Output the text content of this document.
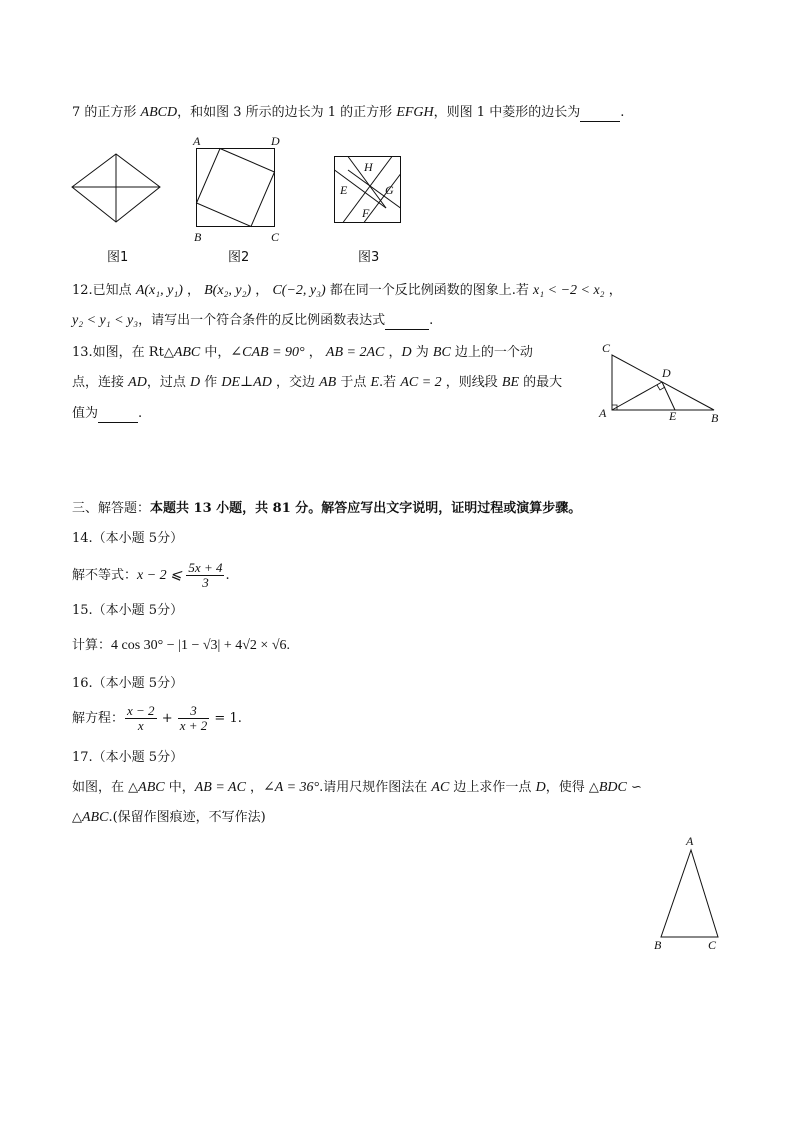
7 的正方形 ABCD，和如图 3 所示的边长为 1 的正方形 EFGH，则图 1 中菱形的边长为	.
图1
A	D
B	C
图2
H
E	G
F
图3
12.已知点 A(x₁, y₁) ， B(x₂, y₂) ， C(−2, y₃) 都在同一个反比例函数的图象上.若 x₁ < −2 < x₂ ，
y₂ < y₁ < y₃，请写出一个符合条件的反比例函数表达式	.
13.如图，在 Rt△ABC 中，∠CAB = 90° ， AB = 2AC ，D 为 BC 边上的一个动
点，连接 AD，过点 D 作 DE⊥AD ，交边 AB 于点 E.若 AC = 2 ，则线段 BE 的最大
值为	.
C
D
A	E	B
三、解答题：本题共 13 小题，共 81 分。解答应写出文字说明，证明过程或演算步骤。
14.（本小题 5分）
解不等式：x − 2 ⩽ $\frac{5x + 4}{3}$ .
15.（本小题 5分）
计算：4 cos 30° − |1 − √3| + 4√2 × √6.
16.（本小题 5分）
解方程： $\frac{x - 2}{x} + \frac{3}{x + 2} = 1$.
17.（本小题 5分）
如图，在 △ABC 中，AB = AC ，∠A = 36°.请用尺规作图法在 AC 边上求作一点 D，使得 △BDC ∽
△ABC.(保留作图痕迹，不写作法)
A
B	C
